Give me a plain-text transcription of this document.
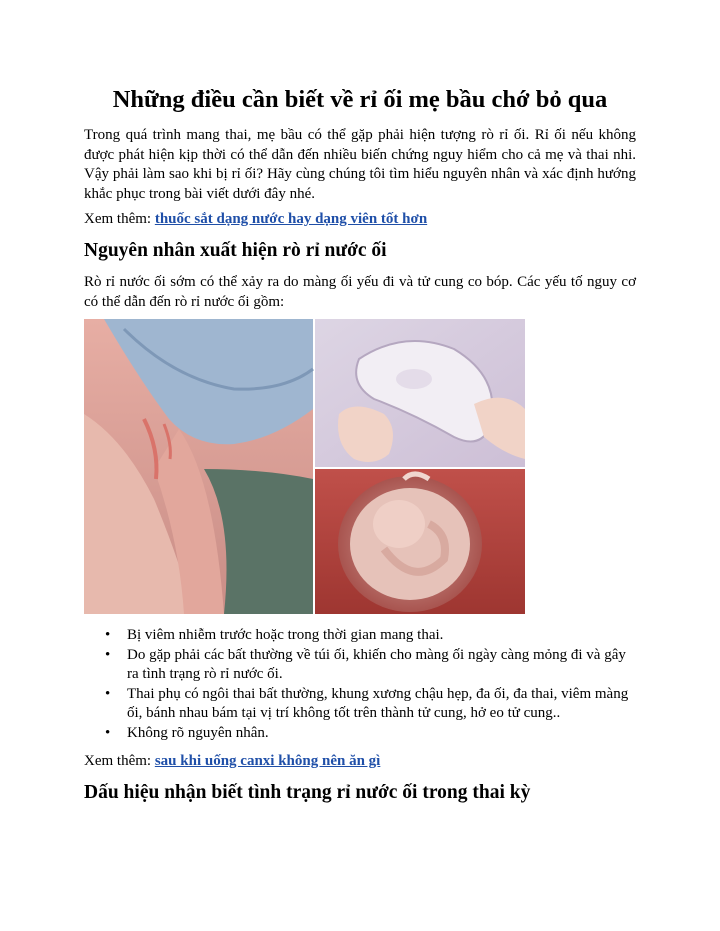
Những điều cần biết về rỉ ối mẹ bầu chớ bỏ qua

Trong quá trình mang thai, mẹ bầu có thể gặp phải hiện tượng rò rỉ ối. Rỉ ối nếu không được phát hiện kịp thời có thể dẫn đến nhiều biến chứng nguy hiểm cho cả mẹ và thai nhi. Vậy phải làm sao khi bị rỉ ối? Hãy cùng chúng tôi tìm hiểu nguyên nhân và xác định hướng khắc phục trong bài viết dưới đây nhé.

Xem thêm: thuốc sắt dạng nước hay dạng viên tốt hơn

Nguyên nhân xuất hiện rò rỉ nước ối

Rò rỉ nước ối sớm có thể xảy ra do màng ối yếu đi và tử cung co bóp. Các yếu tố nguy cơ có thể dẫn đến rò rỉ nước ối gồm:

• Bị viêm nhiễm trước hoặc trong thời gian mang thai.
• Do gặp phải các bất thường về túi ối, khiến cho màng ối ngày càng mỏng đi và gây ra tình trạng rò rỉ nước ối.
• Thai phụ có ngôi thai bất thường, khung xương chậu hẹp, đa ối, đa thai, viêm màng ối, bánh nhau bám tại vị trí không tốt trên thành tử cung, hở eo tử cung..
• Không rõ nguyên nhân.

Xem thêm: sau khi uống canxi không nên ăn gì

Dấu hiệu nhận biết tình trạng rỉ nước ối trong thai kỳ
